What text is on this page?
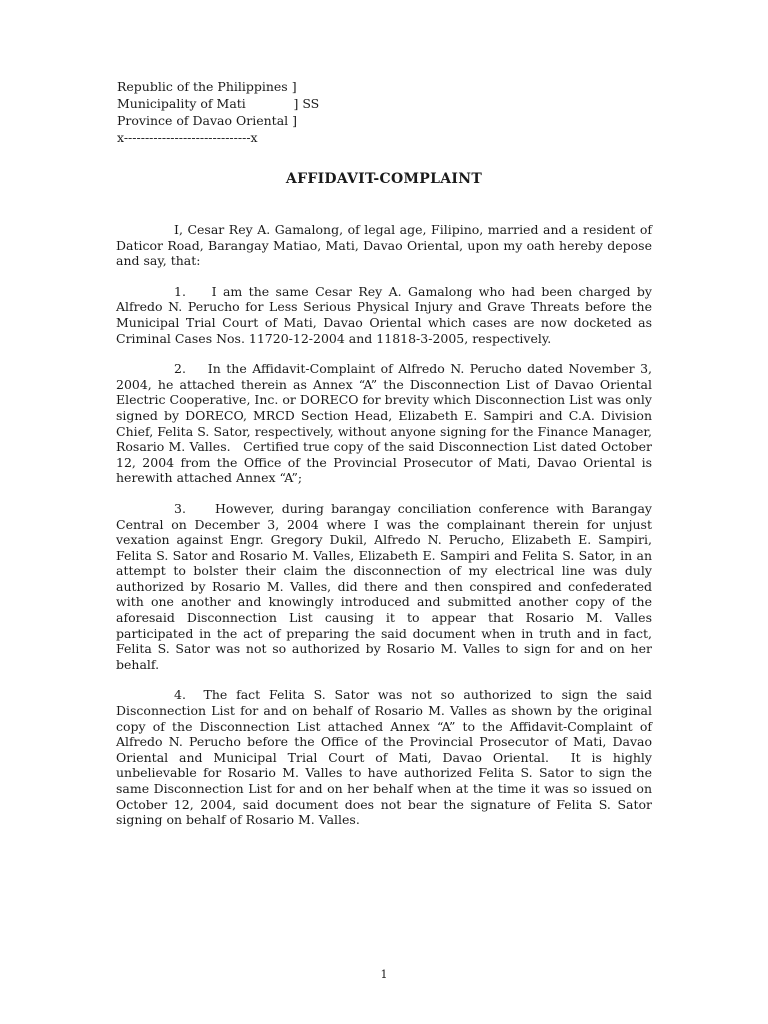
Republic of the Philippines ]
Municipality of Mati            ] SS
Province of Davao Oriental ]
x------------------------------x
AFFIDAVIT-COMPLAINT

I, Cesar Rey A. Gamalong, of legal age, Filipino, married and a resident of Daticor Road, Barangay Matiao, Mati, Davao Oriental, upon my oath hereby depose and say, that:

1.    I am the same Cesar Rey A. Gamalong who had been charged by Alfredo N. Perucho for Less Serious Physical Injury and Grave Threats before the Municipal Trial Court of Mati, Davao Oriental which cases are now docketed as Criminal Cases Nos. 11720-12-2004 and 11818-3-2005, respectively.

2.    In the Affidavit-Complaint of Alfredo N. Perucho dated November 3, 2004, he attached therein as Annex “A” the Disconnection List of Davao Oriental Electric Cooperative, Inc. or DORECO for brevity which Disconnection List was only signed by DORECO, MRCD Section Head, Elizabeth E. Sampiri and C.A. Division Chief, Felita S. Sator, respectively, without anyone signing for the Finance Manager, Rosario M. Valles.   Certified true copy of the said Disconnection List dated October 12, 2004 from the Office of the Provincial Prosecutor of Mati, Davao Oriental is herewith attached Annex “A”;

3.    However, during barangay conciliation conference with Barangay Central on December 3, 2004 where I was the complainant therein for unjust vexation against Engr. Gregory Dukil, Alfredo N. Perucho, Elizabeth E. Sampiri, Felita S. Sator and Rosario M. Valles, Elizabeth E. Sampiri and Felita S. Sator, in an attempt to bolster their claim the disconnection of my electrical line was duly authorized by Rosario M. Valles, did there and then conspired and confederated with one another and knowingly introduced and submitted another copy of the aforesaid Disconnection List causing it to appear that Rosario M. Valles participated in the act of preparing the said document when in truth and in fact, Felita S. Sator was not so authorized by Rosario M. Valles to sign for and on her behalf.

4.  The fact Felita S. Sator was not so authorized to sign the said Disconnection List for and on behalf of Rosario M. Valles as shown by the original copy of the Disconnection List attached Annex “A” to the Affidavit-Complaint of Alfredo N. Perucho before the Office of the Provincial Prosecutor of Mati, Davao Oriental and Municipal Trial Court of Mati, Davao Oriental.  It is highly unbelievable for Rosario M. Valles to have authorized Felita S. Sator to sign the same Disconnection List for and on her behalf when at the time it was so issued on October 12, 2004, said document does not bear the signature of Felita S. Sator signing on behalf of Rosario M. Valles.

1
